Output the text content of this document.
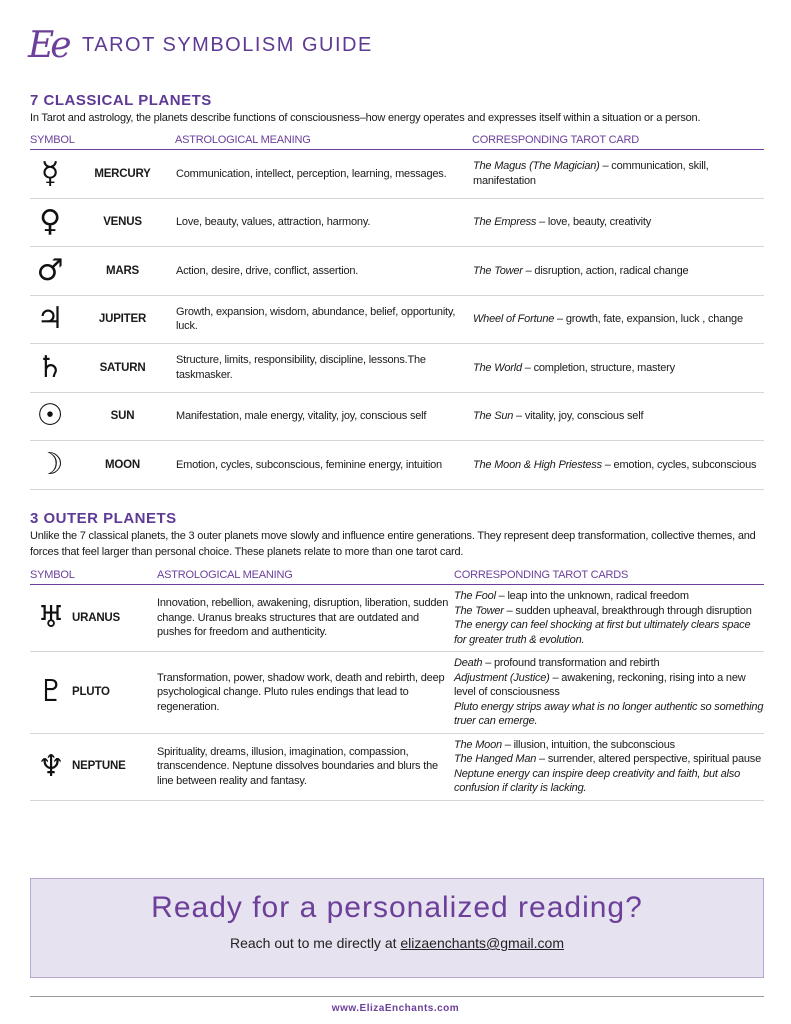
Ee TAROT SYMBOLISM GUIDE
7 CLASSICAL PLANETS
In Tarot and astrology, the planets describe functions of consciousness–how energy operates and expresses itself within a situation or a person.
SYMBOL		ASTROLOGICAL MEANING	CORRESPONDING TAROT CARD
☿	MERCURY	Communication, intellect, perception, learning, messages.	The Magus (The Magician) – communication, skill, manifestation
♀	VENUS	Love, beauty, values, attraction, harmony.	The Empress – love, beauty, creativity
♂	MARS	Action, desire, drive, conflict, assertion.	The Tower – disruption, action, radical change
♃	JUPITER	Growth, expansion, wisdom, abundance, belief, opportunity, luck.	Wheel of Fortune – growth, fate, expansion, luck , change
♄	SATURN	Structure, limits, responsibility, discipline, lessons.The taskmasker.	The World – completion, structure, mastery
☉	SUN	Manifestation, male energy, vitality, joy, conscious self	The Sun – vitality, joy, conscious self
☽	MOON	Emotion, cycles, subconscious, feminine energy, intuition	The Moon & High Priestess – emotion, cycles, subconscious
3 OUTER PLANETS
Unlike the 7 classical planets, the 3 outer planets move slowly and influence entire generations. They represent deep transformation, collective themes, and forces that feel larger than personal choice. These planets relate to more than one tarot card.
SYMBOL		ASTROLOGICAL MEANING	CORRESPONDING TAROT CARDS
♅	URANUS	Innovation, rebellion, awakening, disruption, liberation, sudden change. Uranus breaks structures that are outdated and pushes for freedom and authenticity.	The Fool – leap into the unknown, radical freedom
The Tower – sudden upheaval, breakthrough through disruption
The energy can feel shocking at first but ultimately clears space for greater truth & evolution.

♇	PLUTO	Transformation, power, shadow work, death and rebirth, deep psychological change. Pluto rules endings that lead to regeneration.	Death – profound transformation and rebirth
Adjustment (Justice) – awakening, reckoning, rising into a new level of consciousness
Pluto energy strips away what is no longer authentic so something truer can emerge.

♆	NEPTUNE	Spirituality, dreams, illusion, imagination, compassion, transcendence. Neptune dissolves boundaries and blurs the line between reality and fantasy.	The Moon – illusion, intuition, the subconscious
The Hanged Man – surrender, altered perspective, spiritual pause
Neptune energy can inspire deep creativity and faith, but also confusion if clarity is lacking.
Ready for a personalized reading?
Reach out to me directly at elizaenchants@gmail.com
www.ElizaEnchants.com
